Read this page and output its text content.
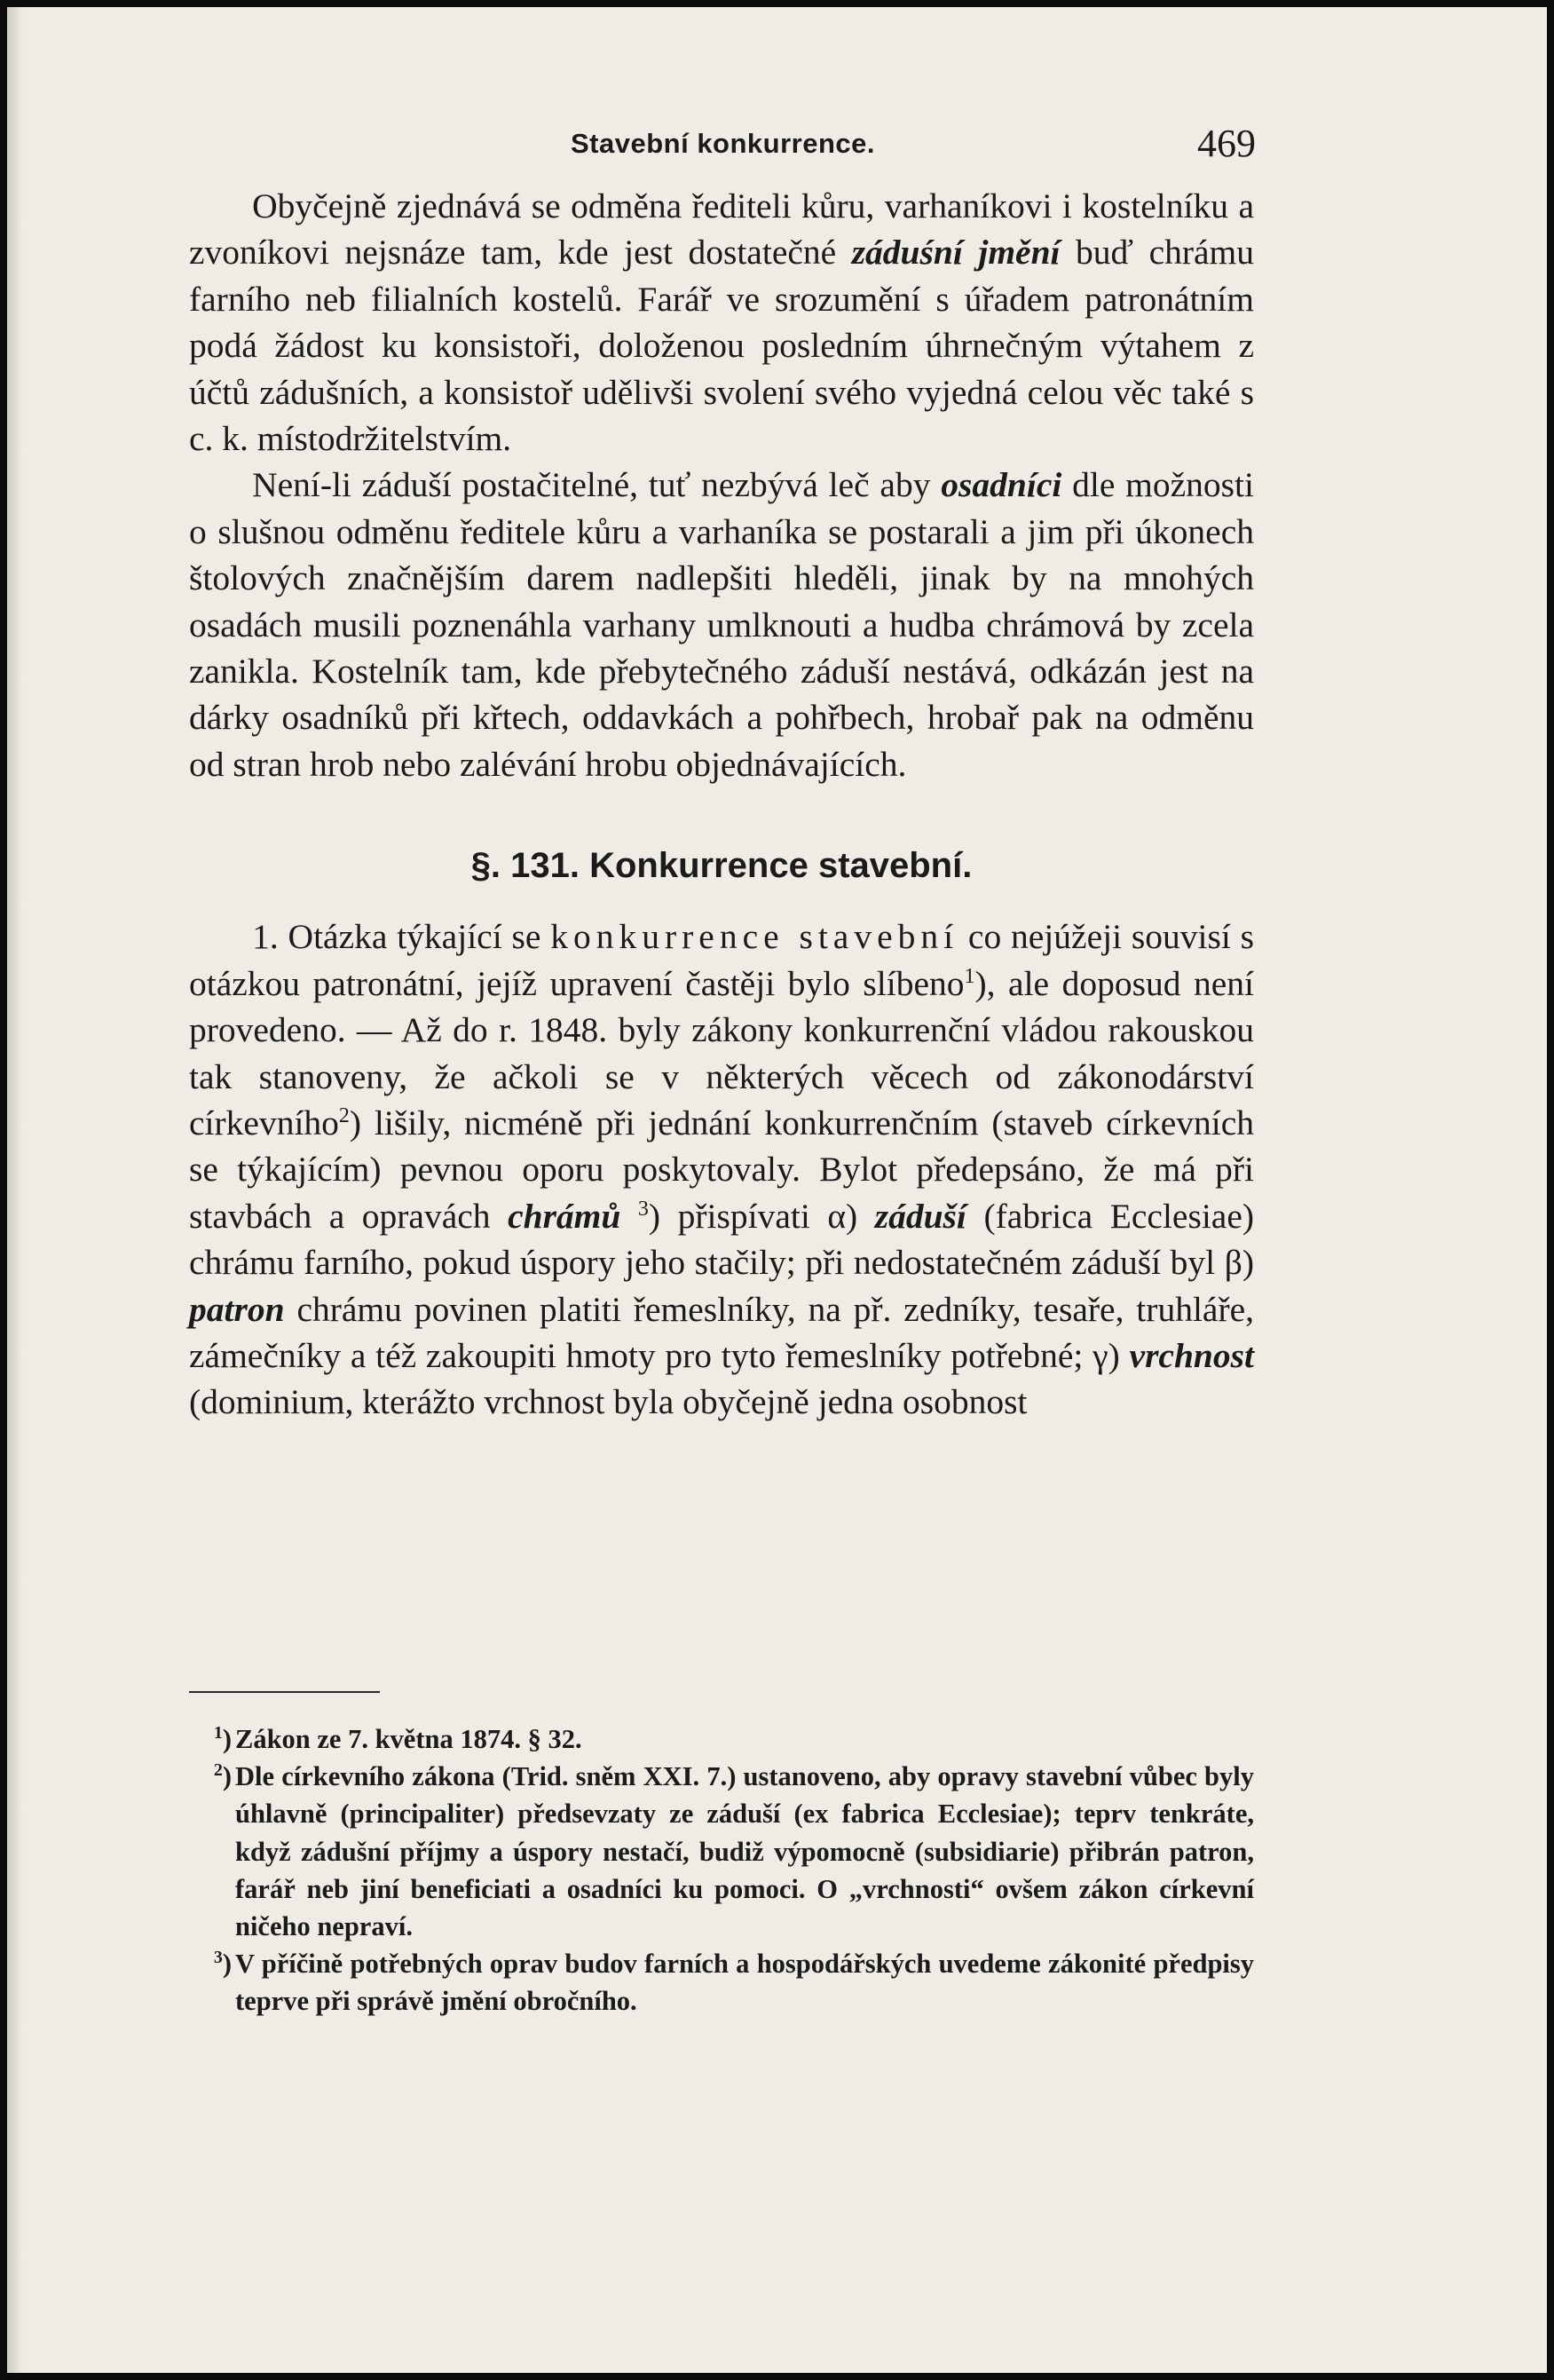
Stavební konkurrence.	469

Obyčejně zjednává se odměna řediteli kůru, varhaníkovi i kostelníku a zvoníkovi nejsnáze tam, kde jest dostatečné záduśní jmění buď chrámu farního neb filialních kostelů. Farář ve srozumění s úřadem patronátním podá žádost ku konsistoři, doloženou posledním úhrnečným výtahem z účtů zádušních, a konsistoř udělivši svolení svého vyjedná celou věc také s c. k. místodržitelstvím.

Není-li záduší postačitelné, tuť nezbývá leč aby osadníci dle možnosti o slušnou odměnu ředitele kůru a varhaníka se postarali a jim při úkonech štolových značnějším darem nadlepšiti hleděli, jinak by na mnohých osadách musili poznenáhla varhany umlknouti a hudba chrámová by zcela zanikla. Kostelník tam, kde přebytečného záduší nestává, odkázán jest na dárky osadníků při křtech, oddavkách a pohřbech, hrobař pak na odměnu od stran hrob nebo zalévání hrobu objednávajících.

§. 131. Konkurrence stavební.

1. Otázka týkající se konkurrence stavební co nejúžeji souvisí s otázkou patronátní, jejíž upravení častěji bylo slíbeno$^1$), ale doposud není provedeno. — Až do r. 1848. byly zákony konkurrenční vládou rakouskou tak stanoveny, že ačkoli se v některých věcech od zákonodárství církevního$^2$) lišily, nicméně při jednání konkurrenčním (staveb církevních se týkajícím) pevnou oporu poskytovaly. Bylot předepsáno, že má při stavbách a opravách chrámů $^3$) přispívati α) záduší (fabrica Ecclesiae) chrámu farního, pokud úspory jeho stačily; při nedostatečném záduší byl β) patron chrámu povinen platiti řemeslníky, na př. zedníky, tesaře, truhláře, zámečníky a též zakoupiti hmoty pro tyto řemeslníky potřebné; γ) vrchnost (dominium, kterážto vrchnost byla obyčejně jedna osobnost

$^1$) Zákon ze 7. května 1874. § 32.
$^2$) Dle církevního zákona (Trid. sněm XXI. 7.) ustanoveno, aby opravy stavební vůbec byly úhlavně (principaliter) předsevzaty ze záduší (ex fabrica Ecclesiae); teprv tenkráte, když zádušní příjmy a úspory nestačí, budiž výpomocně (subsidiarie) přibrán patron, farář neb jiní beneficiati a osadníci ku pomoci. O „vrchnosti“ ovšem zákon církevní ničeho nepraví.
$^3$) V příčině potřebných oprav budov farních a hospodářských uvedeme zákonité předpisy teprve při správě jmění obročního.
